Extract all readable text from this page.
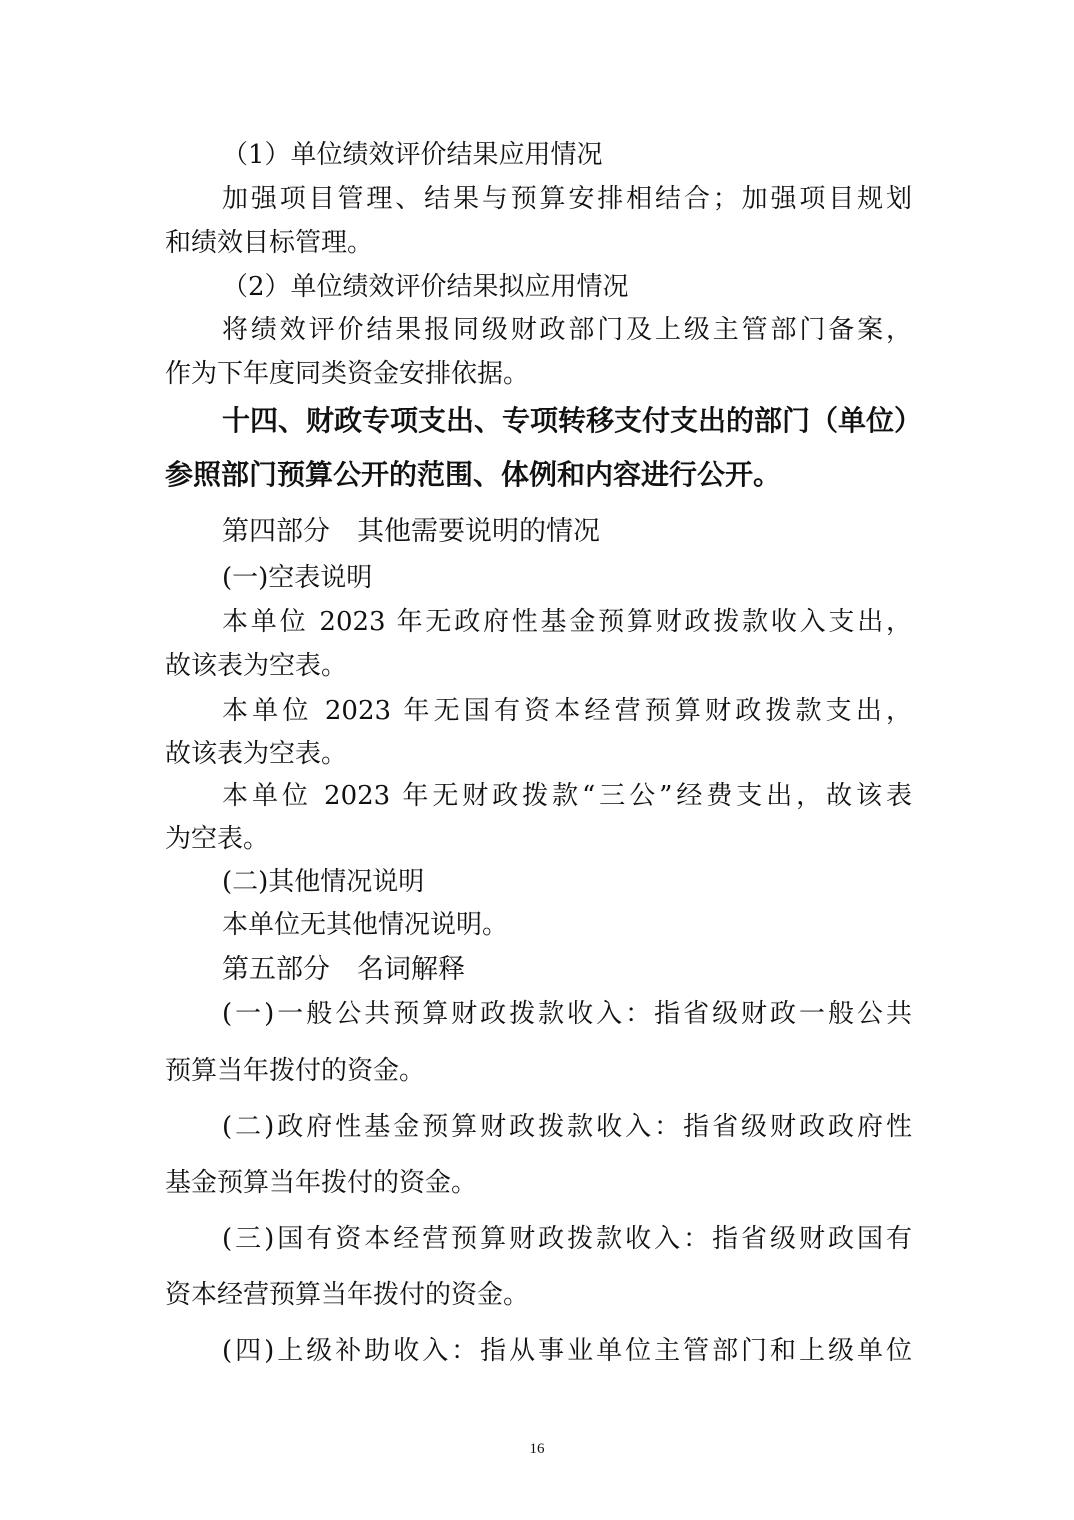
（1）单位绩效评价结果应用情况

加强项目管理、结果与预算安排相结合；加强项目规划

和绩效目标管理。

（2）单位绩效评价结果拟应用情况

将绩效评价结果报同级财政部门及上级主管部门备案，

作为下年度同类资金安排依据。

十四、财政专项支出、专项转移支付支出的部门（单位）

参照部门预算公开的范围、体例和内容进行公开。

第四部分　其他需要说明的情况

(一)空表说明

本单位 2023 年无政府性基金预算财政拨款收入支出，

故该表为空表。

本单位 2023 年无国有资本经营预算财政拨款支出，

故该表为空表。

本单位 2023 年无财政拨款“三公”经费支出，故该表

为空表。

(二)其他情况说明

本单位无其他情况说明。

第五部分　名词解释

(一)一般公共预算财政拨款收入：指省级财政一般公共

预算当年拨付的资金。

(二)政府性基金预算财政拨款收入：指省级财政政府性

基金预算当年拨付的资金。

(三)国有资本经营预算财政拨款收入：指省级财政国有

资本经营预算当年拨付的资金。

(四)上级补助收入：指从事业单位主管部门和上级单位

16
